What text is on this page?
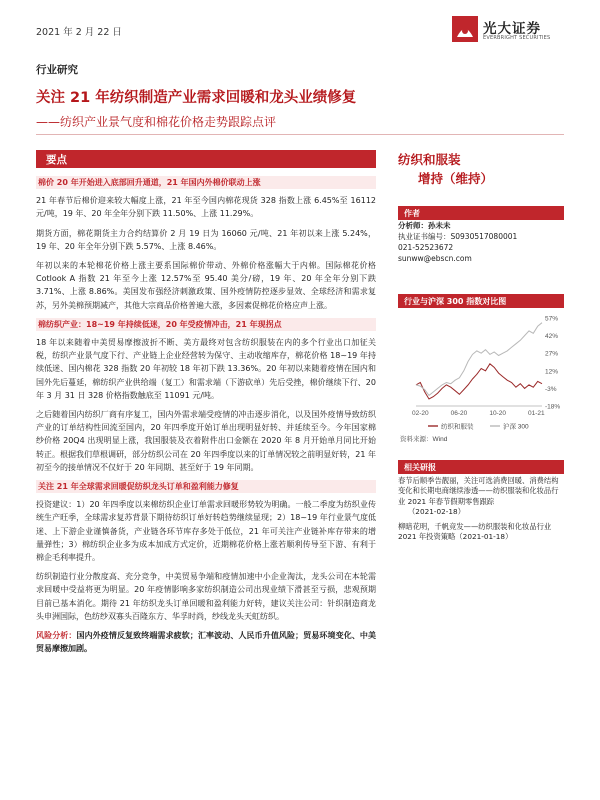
2021 年 2 月 22 日	光大证券
EVERBRIGHT SECURITIES
行业研究
关注 21 年纺织制造产业需求回暖和龙头业绩修复
——纺织产业景气度和棉花价格走势跟踪点评
要点
棉价 20 年开始进入底部回升通道，21 年国内外棉价联动上涨

21 年春节后棉价迎来较大幅度上涨，21 年至今国内棉花现货 328 指数上涨 6.45%至 16112 元/吨，19 年、20 年全年分别下跌 11.50%、上涨 11.29%。

期货方面，棉花期货主力合约结算价 2 月 19 日为 16060 元/吨、21 年初以来上涨 5.24%，19 年、20 年全年分别下跌 5.57%、上涨 8.46%。

年初以来的本轮棉花价格上涨主要系国际棉价带动、外棉价格涨幅大于内棉。国际棉花价格 Cotlook A 指数 21 年至今上涨 12.57%至 95.40 美分/磅，19 年、20 年全年分别下跌 3.71%、上涨 8.86%。美国发布强经济刺激政策、国外疫情防控逐步显效、全球经济和需求复苏，另外美棉预期减产，其他大宗商品价格普遍大涨，多因素促棉花价格应声上涨。

棉纺织产业：18~19 年持续低迷，20 年受疫情冲击，21 年现拐点

18 年以来随着中美贸易摩擦波折不断、美方最终对包含纺织服装在内的多个行业出口加征关税，纺织产业景气度下行、产业链上企业经营转为保守、主动收缩库存，棉花价格 18~19 年持续低迷、国内棉花 328 指数 20 年初较 18 年初下跌 13.36%。20 年初以来随着疫情在国内和国外先后蔓延，棉纺织产业供给端（复工）和需求端（下游砍单）先后受挫，棉价继续下行、20 年 3 月 31 日 328 价格指数触底至 11091 元/吨。

之后随着国内纺织厂商有序复工，国内外需求端受疫情的冲击逐步消化，以及国外疫情导致纺织产业的订单结构性回流至国内，20 年四季度开始订单出现明显好转、并延续至今。今年国家棉纱价格 20Q4 出现明显上涨，我国服装及衣着附件出口金额在 2020 年 8 月开始单月同比开始转正。根据我们草根调研，部分纺织公司在 20 年四季度以来的订单情况较之前明显好转，21 年初至今的接单情况不仅好于 20 年同期、甚至好于 19 年同期。

关注 21 年全球需求回暖促纺织龙头订单和盈利能力修复

投资建议：1）20 年四季度以来棉纺织企业订单需求回暖形势较为明确。一般二季度为纺织业传统生产旺季，全球需求复苏背景下期待纺织订单好转趋势继续显现；2）18~19 年行业景气度低迷、上下游企业谨慎备货，产业链各环节库存多处于低位，21 年可关注产业链补库存带来的增量弹性；3）棉纺织企业多为成本加成方式定价，近期棉花价格上涨若顺利传导至下游、有利于棉企毛利率提升。

纺织制造行业分散度高、充分竞争，中美贸易争端和疫情加速中小企业淘汰，龙头公司在本轮需求回暖中受益将更为明显。20 年疫情影响多家纺织制造公司出现业绩下滑甚至亏损，悲观预期目前已基本消化。期待 21 年纺织龙头订单回暖和盈利能力好转，建议关注公司：针织制造商龙头申洲国际，色纺纱双寡头百隆东方、华孚时尚，纱线龙头天虹纺织。

风险分析：国内外疫情反复致终端需求疲软；汇率波动、人民币升值风险；贸易环境变化、中美贸易摩擦加剧。

纺织和服装
增持（维持）
作者
分析师：孙未未
执业证书编号：S0930517080001
021-52523672
sunww@ebscn.com
行业与沪深 300 指数对比图
57%
42%
27%
12%
-3%
-18%
02-20	06-20	10-20	01-21
纺织和服装	沪深 300
资料来源：Wind
相关研报

春节后顺季告靓丽，关注可选消费回暖、消费结构变化和长期电商继续渗透——纺织服装和化妆品行业 2021 年春节假期零售跟踪
（2021-02-18）

柳暗花明，千帆竞发——纺织服装和化妆品行业 2021 年投资策略（2021-01-18）
